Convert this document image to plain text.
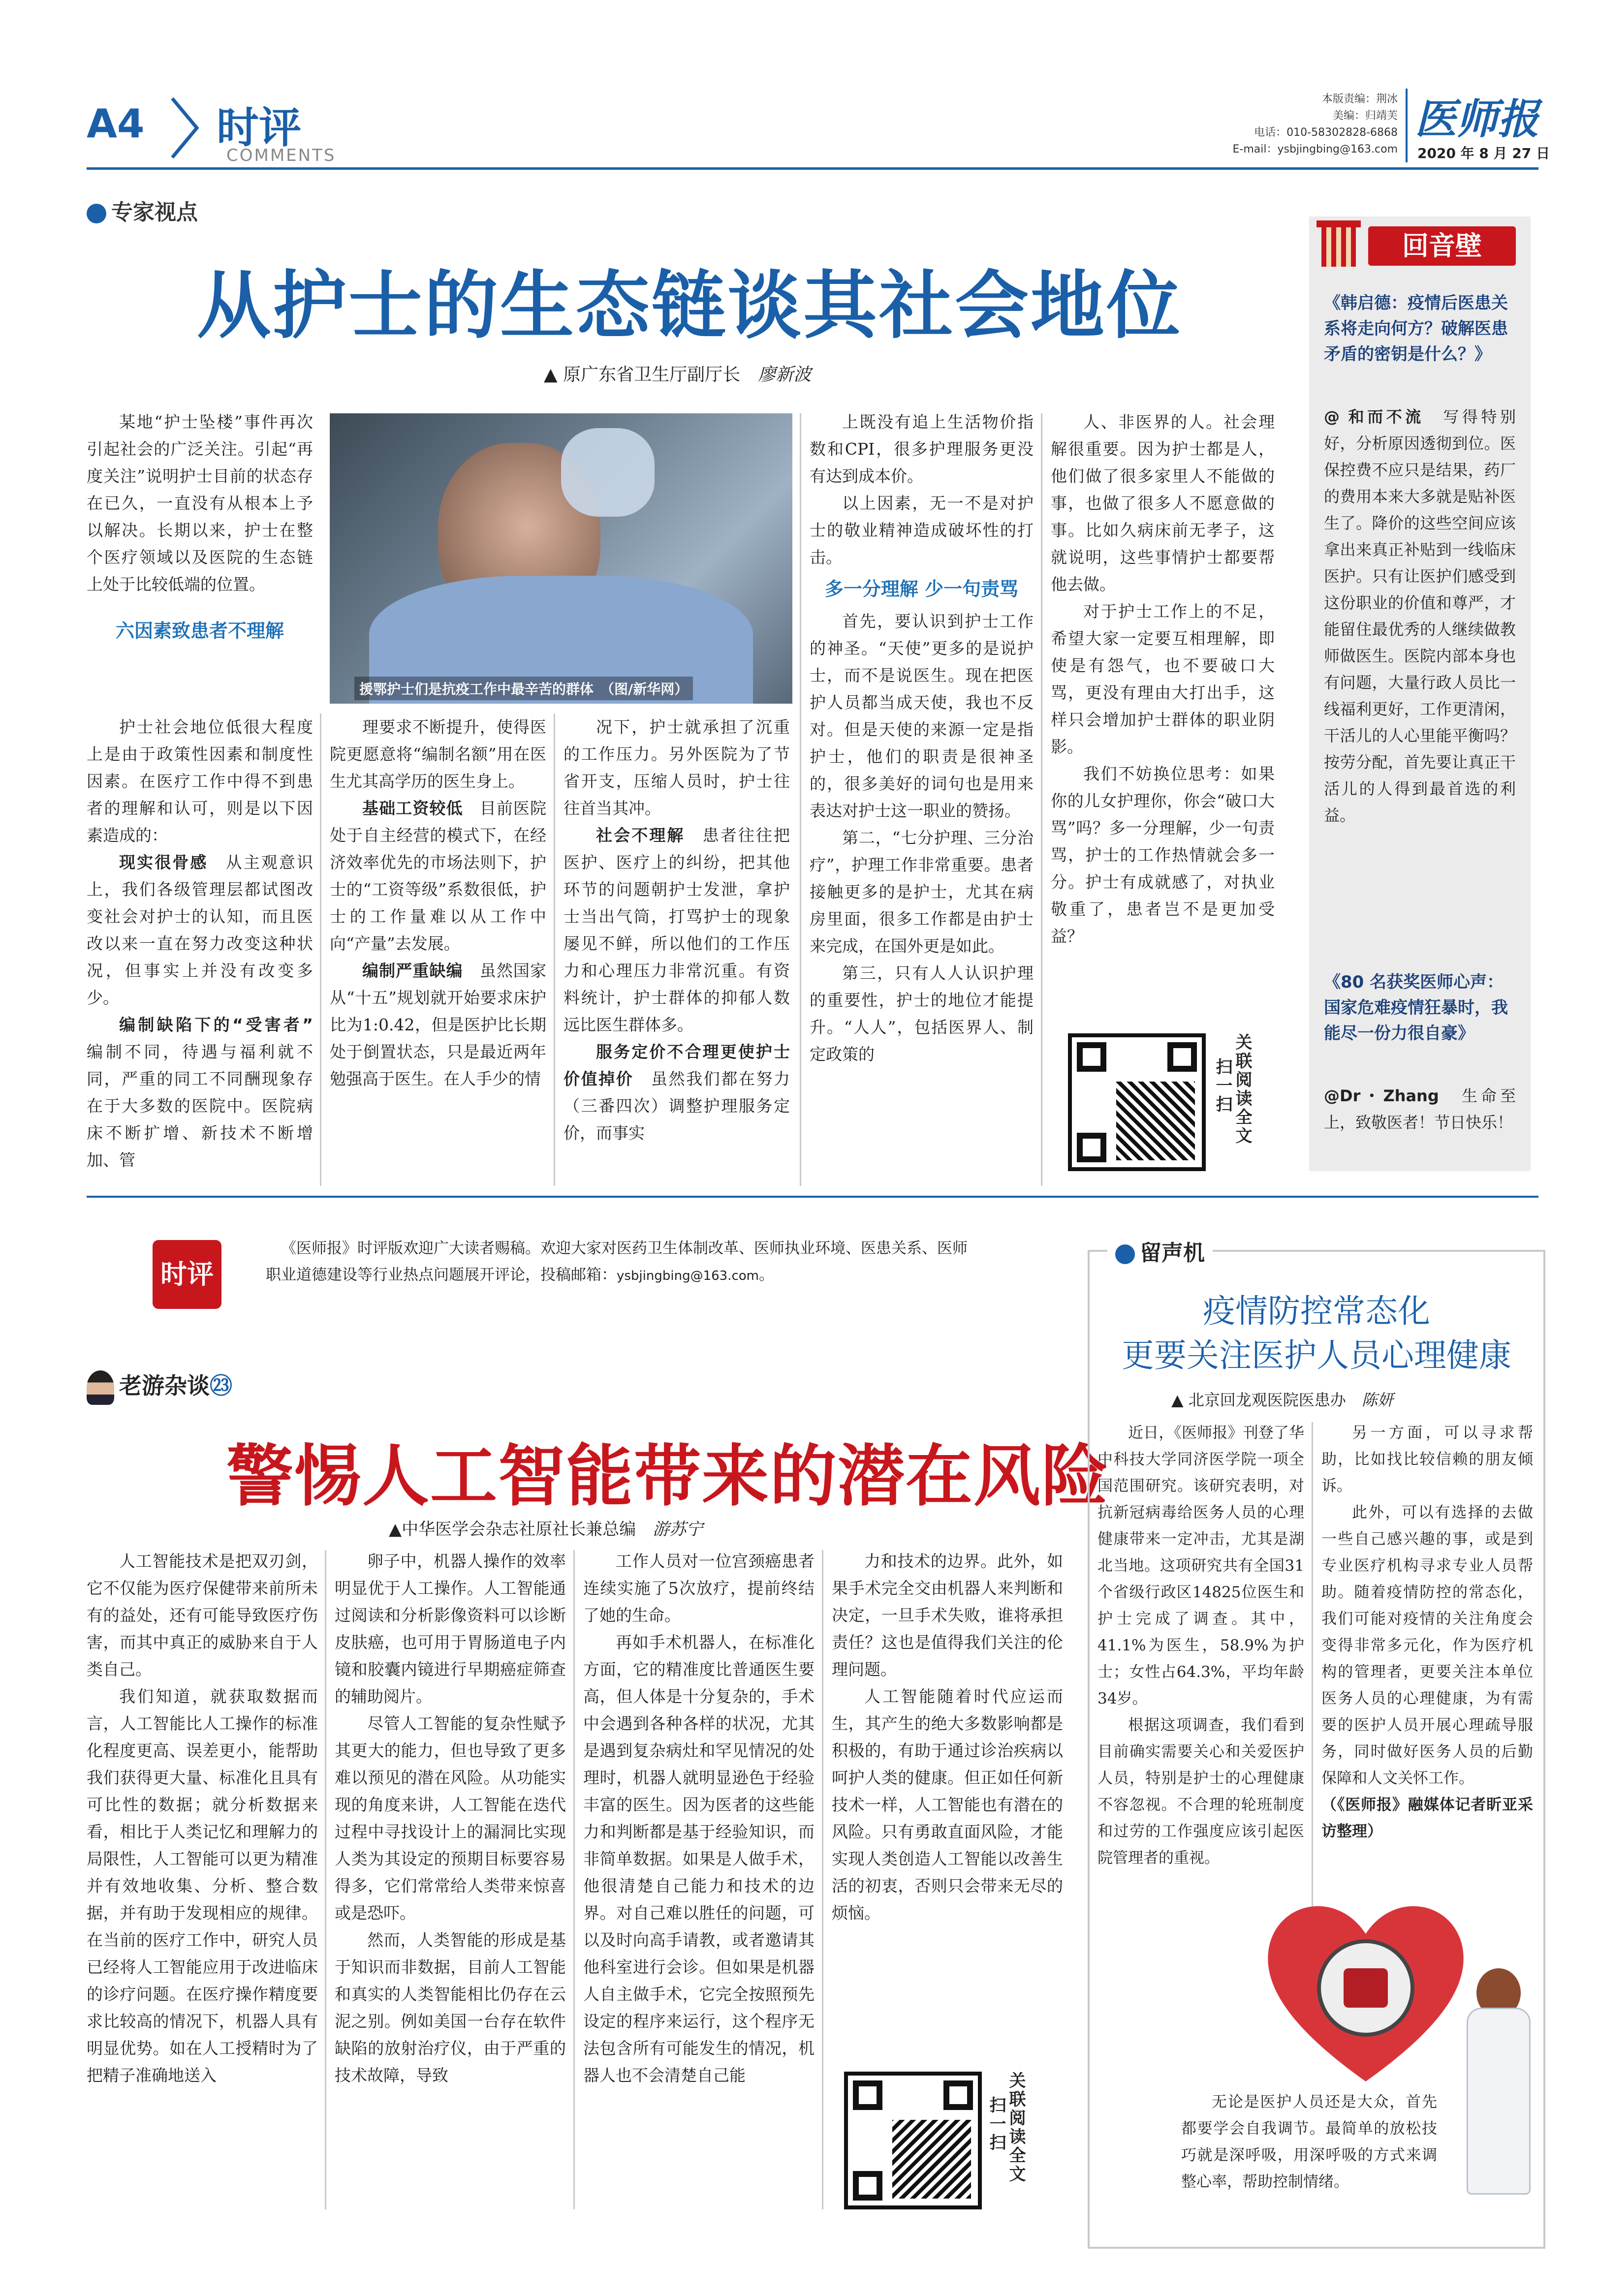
A4 时评
COMMENTS
本版责编：荆冰
美编：归靖芙
电话：010-58302828-6868
E-mail：ysbjingbing@163.com
医师报
2020 年 8 月 27 日
专家视点
从护士的生态链谈其社会地位
▲ 原广东省卫生厅副厅长　 廖新波

某地“护士坠楼”事件再次引起社会的广泛关注。引起“再度关注”说明护士目前的状态存在已久，一直没有从根本上予以解决。长期以来，护士在整个医疗领域以及医院的生态链上处于比较低端的位置。

六因素致患者不理解

援鄂护士们是抗疫工作中最辛苦的群体　（图/新华网）

护士社会地位低很大程度上是由于政策性因素和制度性因素。在医疗工作中得不到患者的理解和认可，则是以下因素造成的：

现实很骨感　 从主观意识上，我们各级管理层都试图改变社会对护士的认知，而且医改以来一直在努力改变这种状况，但事实上并没有改变多少。

编制缺陷下的“受害者”　编制不同，待遇与福利就不同，严重的同工不同酬现象存在于大多数的医院中。医院病床不断扩增、新技术不断增加、管

理要求不断提升，使得医院更愿意将“编制名额”用在医生尤其高学历的医生身上。

基础工资较低　 目前医院处于自主经营的模式下，在经济效率优先的市场法则下，护士的“工资等级”系数很低，护士的工作量难以从工作中向“产量”去发展。

编制严重缺编　 虽然国家从“十五”规划就开始要求床护比为1:0.42，但是医护比长期处于倒置状态，只是最近两年勉强高于医生。在人手少的情

况下，护士就承担了沉重的工作压力。另外医院为了节省开支，压缩人员时，护士往往首当其冲。

社会不理解　 患者往往把医护、医疗上的纠纷，把其他环节的问题朝护士发泄，拿护士当出气筒，打骂护士的现象屡见不鲜，所以他们的工作压力和心理压力非常沉重。有资料统计，护士群体的抑郁人数远比医生群体多。

服务定价不合理更使护士价值掉价　 虽然我们都在努力（三番四次）调整护理服务定价，而事实

上既没有追上生活物价指数和CPI，很多护理服务更没有达到成本价。

以上因素，无一不是对护士的敬业精神造成破坏性的打击。

多一分理解 少一句责骂

首先，要认识到护士工作的神圣。“天使”更多的是说护士，而不是说医生。现在把医护人员都当成天使，我也不反对。但是天使的来源一定是指护士，他们的职责是很神圣的，很多美好的词句也是用来表达对护士这一职业的赞扬。

第二，“七分护理、三分治疗”，护理工作非常重要。患者接触更多的是护士，尤其在病房里面，很多工作都是由护士来完成，在国外更是如此。

第三，只有人人认识护理的重要性，护士的地位才能提升。“人人”，包括医界人、制定政策的

人、非医界的人。社会理解很重要。因为护士都是人，他们做了很多家里人不能做的事，也做了很多人不愿意做的事。比如久病床前无孝子，这就说明，这些事情护士都要帮他去做。

对于护士工作上的不足，希望大家一定要互相理解，即使是有怨气，也不要破口大骂，更没有理由大打出手，这样只会增加护士群体的职业阴影。

我们不妨换位思考：如果你的儿女护理你，你会“破口大骂”吗？多一分理解，少一句责骂，护士的工作热情就会多一分。护士有成就感了，对执业敬重了，患者岂不是更加受益？

关联阅读全文
扫一扫
回音壁
《韩启德：疫情后医患关系将走向何方？破解医患矛盾的密钥是什么？》
@ 和而不流　 写得特别好，分析原因透彻到位。医保控费不应只是结果，药厂的费用本来大多就是贴补医生了。降价的这些空间应该拿出来真正补贴到一线临床医护。只有让医护们感受到这份职业的价值和尊严，才能留住最优秀的人继续做教师做医生。医院内部本身也有问题，大量行政人员比一线福利更好，工作更清闲，干活儿的人心里能平衡吗？按劳分配，首先要让真正干活儿的人得到最首选的利益。
《80 名获奖医师心声：国家危难疫情狂暴时，我能尽一份力很自豪》
@Dr・Zhang　 生命至上，致敬医者！节日快乐！
时评
《医师报》时评版欢迎广大读者赐稿。欢迎大家对医药卫生体制改革、医师执业环境、医患关系、医师职业道德建设等行业热点问题展开评论，投稿邮箱：ysbjingbing@163.com。
老游杂谈㉓
警惕人工智能带来的潜在风险
▲中华医学会杂志社原社长兼总编　 游苏宁

人工智能技术是把双刃剑，它不仅能为医疗保健带来前所未有的益处，还有可能导致医疗伤害，而其中真正的威胁来自于人类自己。

我们知道，就获取数据而言，人工智能比人工操作的标准化程度更高、误差更小，能帮助我们获得更大量、标准化且具有可比性的数据；就分析数据来看，相比于人类记忆和理解力的局限性，人工智能可以更为精准并有效地收集、分析、整合数据，并有助于发现相应的规律。在当前的医疗工作中，研究人员已经将人工智能应用于改进临床的诊疗问题。在医疗操作精度要求比较高的情况下，机器人具有明显优势。如在人工授精时为了把精子准确地送入

卵子中，机器人操作的效率明显优于人工操作。人工智能通过阅读和分析影像资料可以诊断皮肤癌，也可用于胃肠道电子内镜和胶囊内镜进行早期癌症筛查的辅助阅片。

尽管人工智能的复杂性赋予其更大的能力，但也导致了更多难以预见的潜在风险。从功能实现的角度来讲，人工智能在迭代过程中寻找设计上的漏洞比实现人类为其设定的预期目标要容易得多，它们常常给人类带来惊喜或是恐吓。

然而，人类智能的形成是基于知识而非数据，目前人工智能和真实的人类智能相比仍存在云泥之别。例如美国一台存在软件缺陷的放射治疗仪，由于严重的技术故障，导致

工作人员对一位宫颈癌患者连续实施了5次放疗，提前终结了她的生命。

再如手术机器人，在标准化方面，它的精准度比普通医生要高，但人体是十分复杂的，手术中会遇到各种各样的状况，尤其是遇到复杂病灶和罕见情况的处理时，机器人就明显逊色于经验丰富的医生。因为医者的这些能力和判断都是基于经验知识，而非简单数据。如果是人做手术，他很清楚自己能力和技术的边界。对自己难以胜任的问题，可以及时向高手请教，或者邀请其他科室进行会诊。但如果是机器人自主做手术，它完全按照预先设定的程序来运行，这个程序无法包含所有可能发生的情况，机器人也不会清楚自己能

力和技术的边界。此外，如果手术完全交由机器人来判断和决定，一旦手术失败，谁将承担责任？这也是值得我们关注的伦理问题。

人工智能随着时代应运而生，其产生的绝大多数影响都是积极的，有助于通过诊治疾病以呵护人类的健康。但正如任何新技术一样，人工智能也有潜在的风险。只有勇敢直面风险，才能实现人类创造人工智能以改善生活的初衷，否则只会带来无尽的烦恼。

关联阅读全文
扫一扫
留声机
疫情防控常态化
更要关注医护人员心理健康
▲ 北京回龙观医院医患办　 陈妍

近日，《医师报》刊登了华中科技大学同济医学院一项全国范围研究。该研究表明，对抗新冠病毒给医务人员的心理健康带来一定冲击，尤其是湖北当地。这项研究共有全国31个省级行政区14825位医生和护士完成了调查。其中，41.1%为医生，58.9%为护士；女性占64.3%，平均年龄34岁。

根据这项调查，我们看到目前确实需要关心和关爱医护人员，特别是护士的心理健康不容忽视。不合理的轮班制度和过劳的工作强度应该引起医院管理者的重视。

另一方面，可以寻求帮助，比如找比较信赖的朋友倾诉。

此外，可以有选择的去做一些自己感兴趣的事，或是到专业医疗机构寻求专业人员帮助。随着疫情防控的常态化，我们可能对疫情的关注角度会变得非常多元化，作为医疗机构的管理者，更要关注本单位医务人员的心理健康，为有需要的医护人员开展心理疏导服务，同时做好医务人员的后勤保障和人文关怀工作。

（《医师报》融媒体记者盺亚采访整理）

无论是医护人员还是大众，首先都要学会自我调节。最简单的放松技巧就是深呼吸，用深呼吸的方式来调整心率，帮助控制情绪。
